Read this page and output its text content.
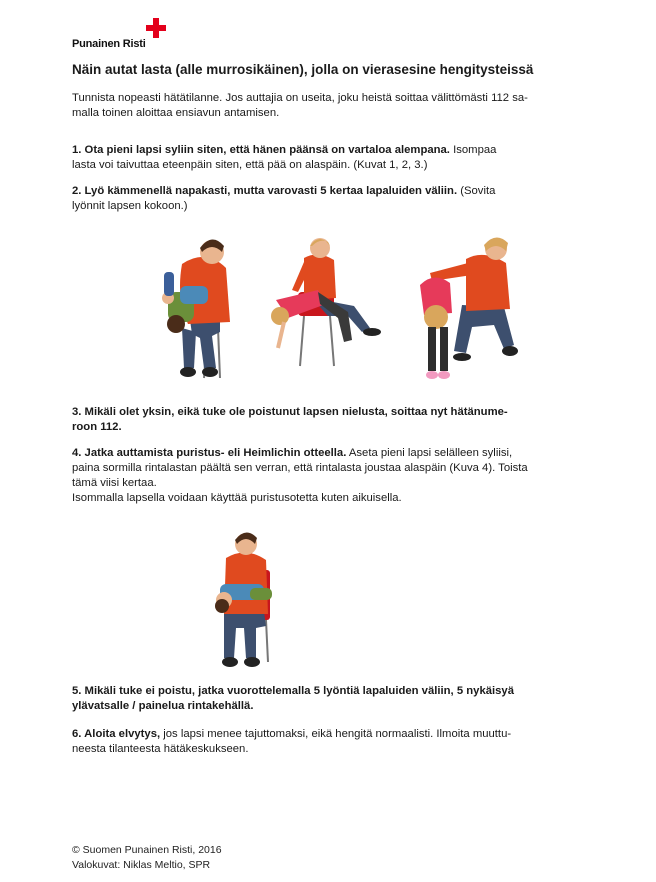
Punainen Risti
Näin autat lasta (alle murrosikäinen), jolla on vierasesine hengitysteissä
Tunnista nopeasti hätätilanne. Jos auttajia on useita, joku heistä soittaa välittömästi 112 sa-
malla toinen aloittaa ensiavun antamisen.
1. Ota pieni lapsi syliin siten, että hänen päänsä on vartaloa alempana. Isompaa
lasta voi taivuttaa eteenpäin siten, että pää on alaspäin. (Kuvat 1, 2, 3.)
2. Lyö kämmenellä napakasti, mutta varovasti 5 kertaa lapaluiden väliin. (Sovita
lyönnit lapsen kokoon.)
3. Mikäli olet yksin, eikä tuke ole poistunut lapsen nielusta, soittaa nyt hätänume-
roon 112.
4. Jatka auttamista puristus- eli Heimlichin otteella. Aseta pieni lapsi selälleen syliisi,
paina sormilla rintalastan päältä sen verran, että rintalasta joustaa alaspäin (Kuva 4). Toista
tämä viisi kertaa.
Isommalla lapsella voidaan käyttää puristusotetta kuten aikuisella.
5. Mikäli tuke ei poistu, jatka vuorottelemalla 5 lyöntiä lapaluiden väliin, 5 nykäisyä
ylävatsalle / painelua rintakehällä.
6. Aloita elvytys, jos lapsi menee tajuttomaksi, eikä hengitä normaalisti. Ilmoita muuttu-
neesta tilanteesta hätäkeskukseen.
© Suomen Punainen Risti, 2016
Valokuvat: Niklas Meltio, SPR
